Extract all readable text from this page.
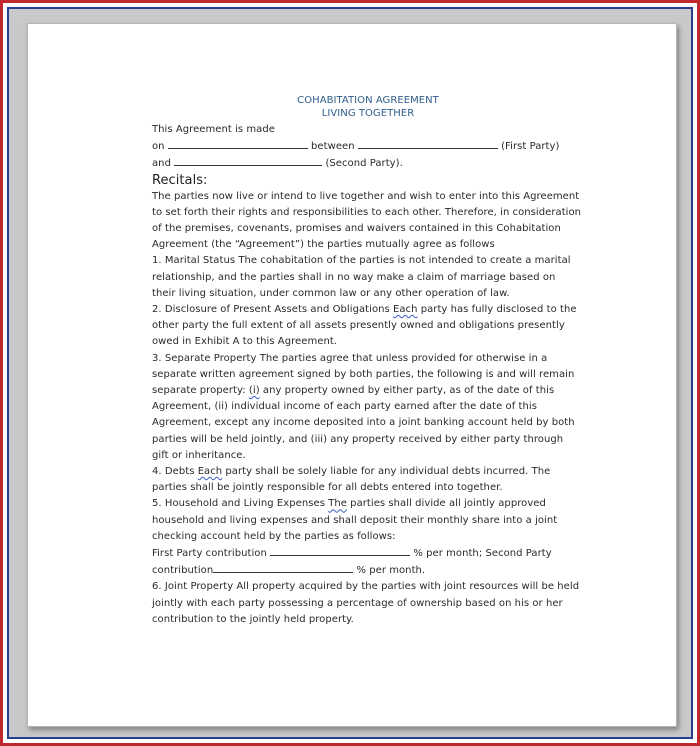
COHABITATION AGREEMENT

LIVING TOGETHER

This Agreement is made

on	between	(First Party)

and	(Second Party).

Recitals:

The parties now live or intend to live together and wish to enter into this Agreement to set forth their rights and responsibilities to each other. Therefore, in consideration of the premises, covenants, promises and waivers contained in this Cohabitation Agreement (the “Agreement”) the parties mutually agree as follows

1. Marital Status The cohabitation of the parties is not intended to create a marital relationship, and the parties shall in no way make a claim of marriage based on their living situation, under common law or any other operation of law.

2. Disclosure of Present Assets and Obligations Each party has fully disclosed to the other party the full extent of all assets presently owned and obligations presently owed in Exhibit A to this Agreement.

3. Separate Property The parties agree that unless provided for otherwise in a separate written agreement signed by both parties, the following is and will remain separate property: (i) any property owned by either party, as of the date of this Agreement, (ii) individual income of each party earned after the date of this Agreement, except any income deposited into a joint banking account held by both parties will be held jointly, and (iii) any property received by either party through gift or inheritance.

4. Debts Each party shall be solely liable for any individual debts incurred. The parties shall be jointly responsible for all debts entered into together.

5. Household and Living Expenses The parties shall divide all jointly approved household and living expenses and shall deposit their monthly share into a joint checking account held by the parties as follows:

First Party contribution	% per month; Second Party

contribution	% per month.

6. Joint Property All property acquired by the parties with joint resources will be held jointly with each party possessing a percentage of ownership based on his or her contribution to the jointly held property.
